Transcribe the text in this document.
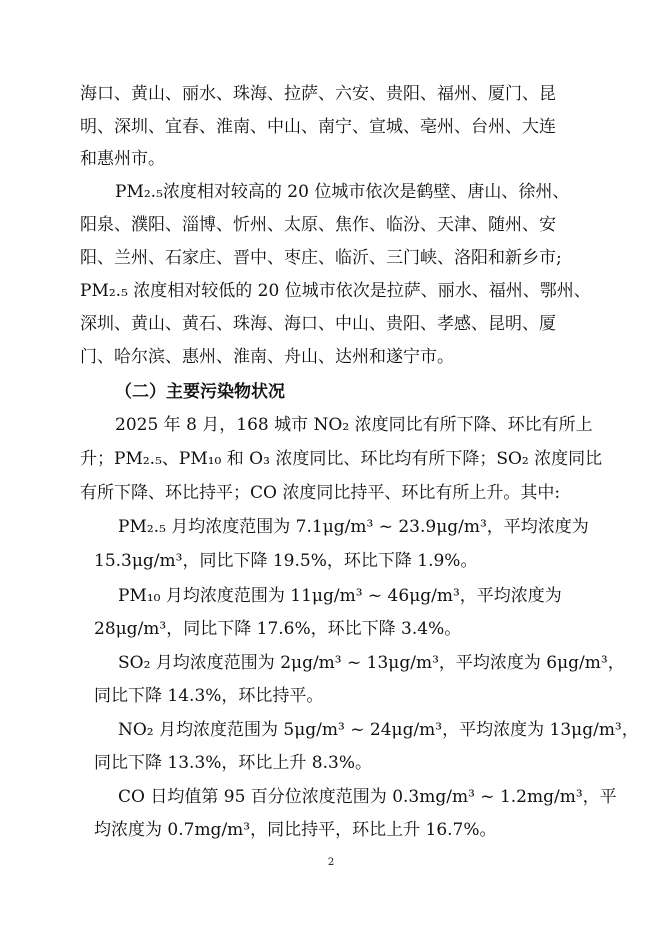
海口、黄山、丽水、珠海、拉萨、六安、贵阳、福州、厦门、昆
明、深圳、宜春、淮南、中山、南宁、宣城、亳州、台州、大连
和惠州市。
PM₂.₅浓度相对较高的 20 位城市依次是鹤壁、唐山、徐州、
阳泉、濮阳、淄博、忻州、太原、焦作、临汾、天津、随州、安
阳、兰州、石家庄、晋中、枣庄、临沂、三门峡、洛阳和新乡市;
PM₂.₅ 浓度相对较低的 20 位城市依次是拉萨、丽水、福州、鄂州、
深圳、黄山、黄石、珠海、海口、中山、贵阳、孝感、昆明、厦
门、哈尔滨、惠州、淮南、舟山、达州和遂宁市。
（二）主要污染物状况
2025 年 8 月，168 城市 NO₂ 浓度同比有所下降、环比有所上
升；PM₂.₅、PM₁₀ 和 O₃ 浓度同比、环比均有所下降；SO₂ 浓度同比
有所下降、环比持平；CO 浓度同比持平、环比有所上升。其中:
PM₂.₅ 月均浓度范围为 7.1μg/m³ ~ 23.9μg/m³，平均浓度为
15.3μg/m³，同比下降 19.5%，环比下降 1.9%。
PM₁₀ 月均浓度范围为 11μg/m³ ~ 46μg/m³，平均浓度为
28μg/m³，同比下降 17.6%，环比下降 3.4%。
SO₂ 月均浓度范围为 2μg/m³ ~ 13μg/m³，平均浓度为 6μg/m³，
同比下降 14.3%，环比持平。
NO₂ 月均浓度范围为 5μg/m³ ~ 24μg/m³，平均浓度为 13μg/m³，
同比下降 13.3%，环比上升 8.3%。
CO 日均值第 95 百分位浓度范围为 0.3mg/m³ ~ 1.2mg/m³，平
均浓度为 0.7mg/m³，同比持平，环比上升 16.7%。
2
